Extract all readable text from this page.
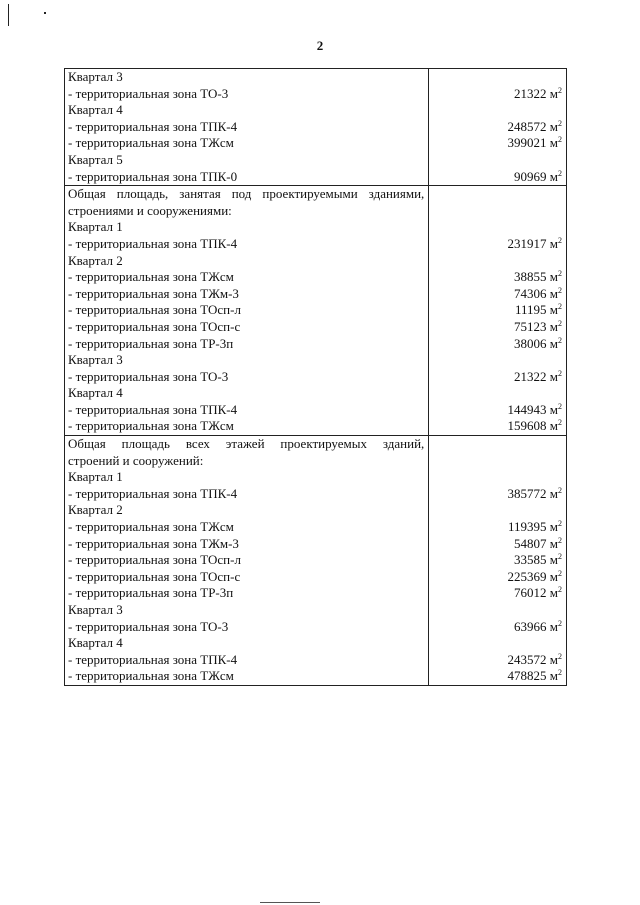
2
Квартал 3	
- территориальная зона ТО-3	21322 $м^2$
Квартал 4	
- территориальная зона ТПК-4	248572 $м^2$
- территориальная зона ТЖсм	399021 $м^2$
Квартал 5	
- территориальная зона ТПК-0	90969 $м^2$
Общая площадь, занятая под проектируемыми зданиями,	
строениями и сооружениями:	
Квартал 1	
- территориальная зона ТПК-4	231917 $м^2$
Квартал 2	
- территориальная зона ТЖсм	38855 $м^2$
- территориальная зона ТЖм-3	74306 $м^2$
- территориальная зона ТОсп-л	11195 $м^2$
- территориальная зона ТОсп-с	75123 $м^2$
- территориальная зона ТР-3п	38006 $м^2$
Квартал 3	
- территориальная зона ТО-3	21322 $м^2$
Квартал 4	
- территориальная зона ТПК-4	144943 $м^2$
- территориальная зона ТЖсм	159608 $м^2$
Общая площадь всех этажей проектируемых зданий,	
строений и сооружений:	
Квартал 1	
- территориальная зона ТПК-4	385772 $м^2$
Квартал 2	
- территориальная зона ТЖсм	119395 $м^2$
- территориальная зона ТЖм-3	54807 $м^2$
- территориальная зона ТОсп-л	33585 $м^2$
- территориальная зона ТОсп-с	225369 $м^2$
- территориальная зона ТР-3п	76012 $м^2$
Квартал 3	
- территориальная зона ТО-3	63966 $м^2$
Квартал 4	
- территориальная зона ТПК-4	243572 $м^2$
- территориальная зона ТЖсм	478825 $м^2$
